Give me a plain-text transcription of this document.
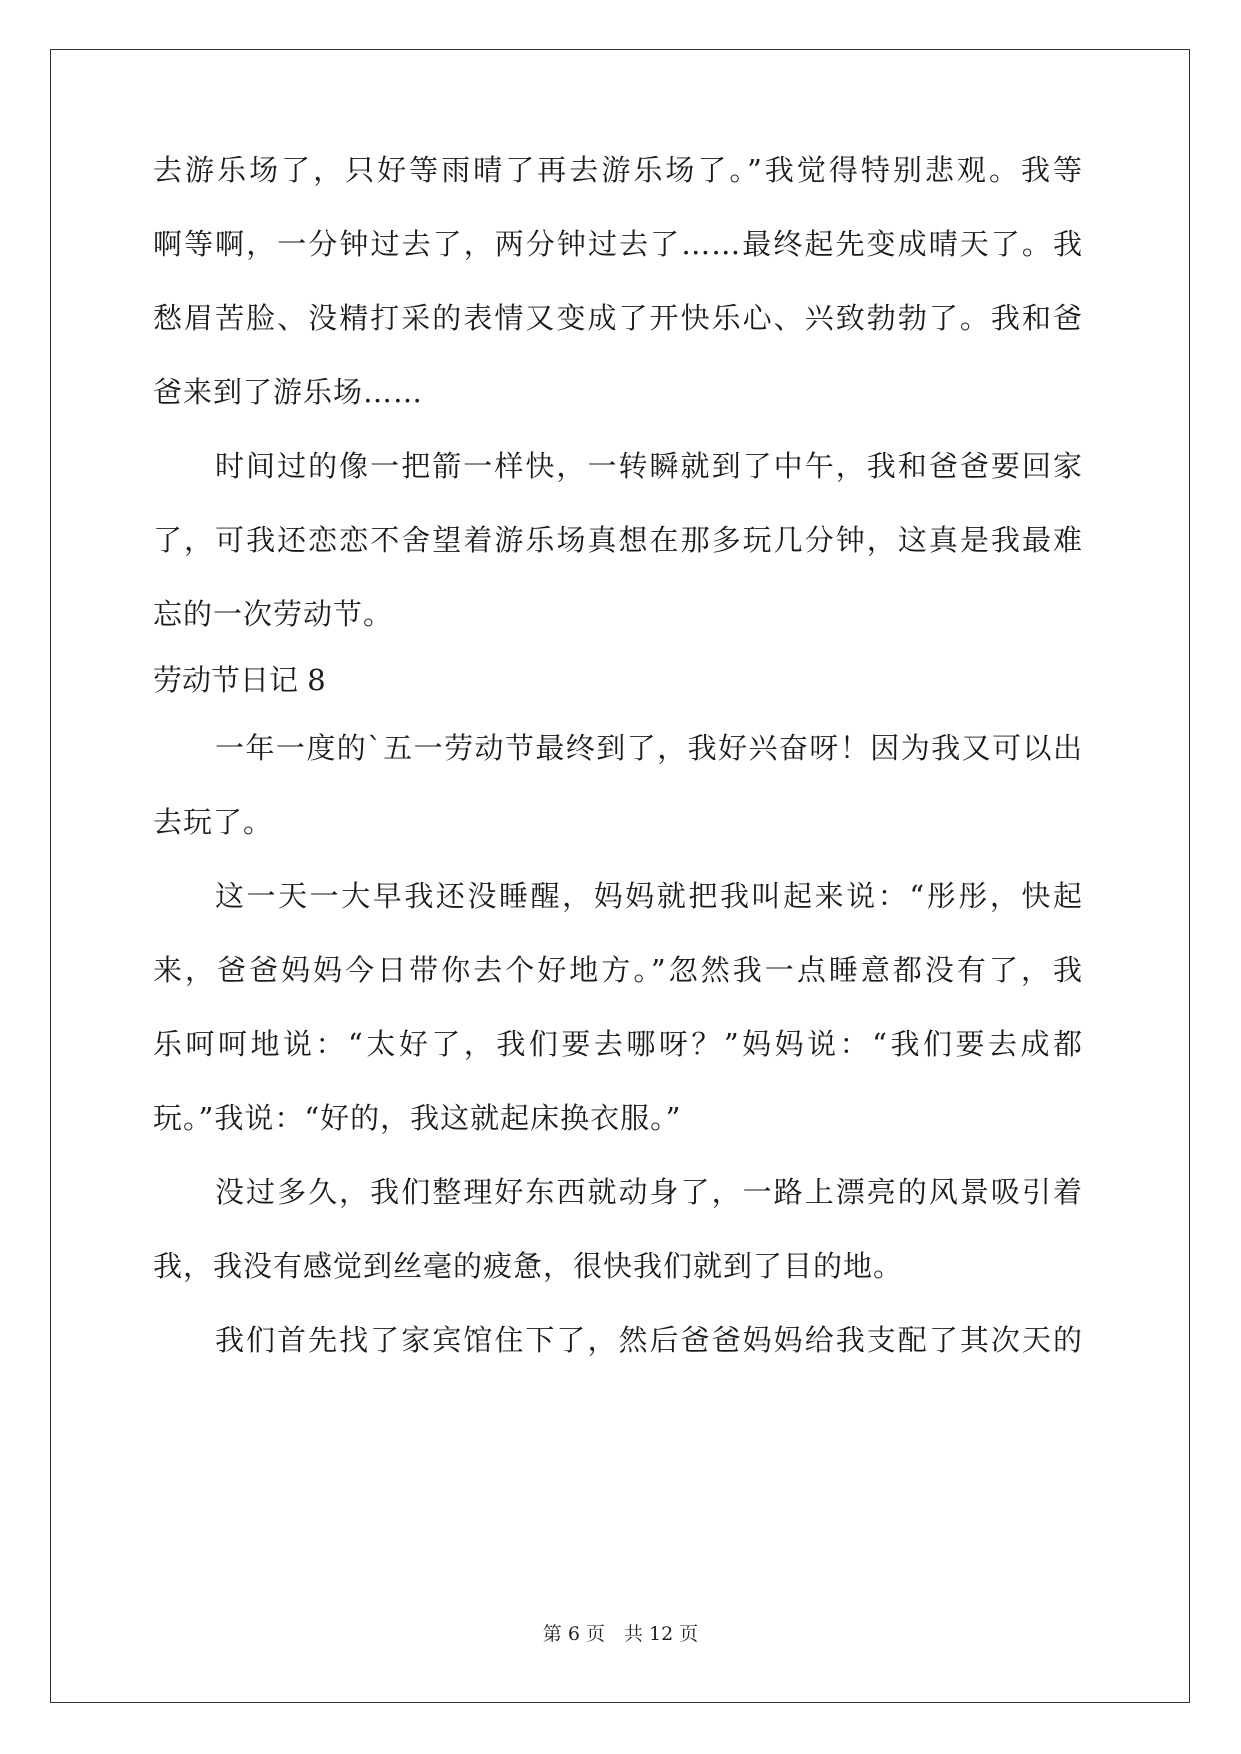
去游乐场了，只好等雨晴了再去游乐场了。”我觉得特别悲观。我等
啊等啊，一分钟过去了，两分钟过去了……最终起先变成晴天了。我
愁眉苦脸、没精打采的表情又变成了开快乐心、兴致勃勃了。我和爸
爸来到了游乐场……
时间过的像一把箭一样快，一转瞬就到了中午，我和爸爸要回家
了，可我还恋恋不舍望着游乐场真想在那多玩几分钟，这真是我最难
忘的一次劳动节。
劳动节日记 8
一年一度的`五一劳动节最终到了，我好兴奋呀！因为我又可以出
去玩了。
这一天一大早我还没睡醒，妈妈就把我叫起来说：“彤彤，快起
来，爸爸妈妈今日带你去个好地方。”忽然我一点睡意都没有了，我
乐呵呵地说：“太好了，我们要去哪呀？”妈妈说：“我们要去成都
玩。”我说：“好的，我这就起床换衣服。”
没过多久，我们整理好东西就动身了，一路上漂亮的风景吸引着
我，我没有感觉到丝毫的疲惫，很快我们就到了目的地。
我们首先找了家宾馆住下了，然后爸爸妈妈给我支配了其次天的
第 6 页　共 12 页
